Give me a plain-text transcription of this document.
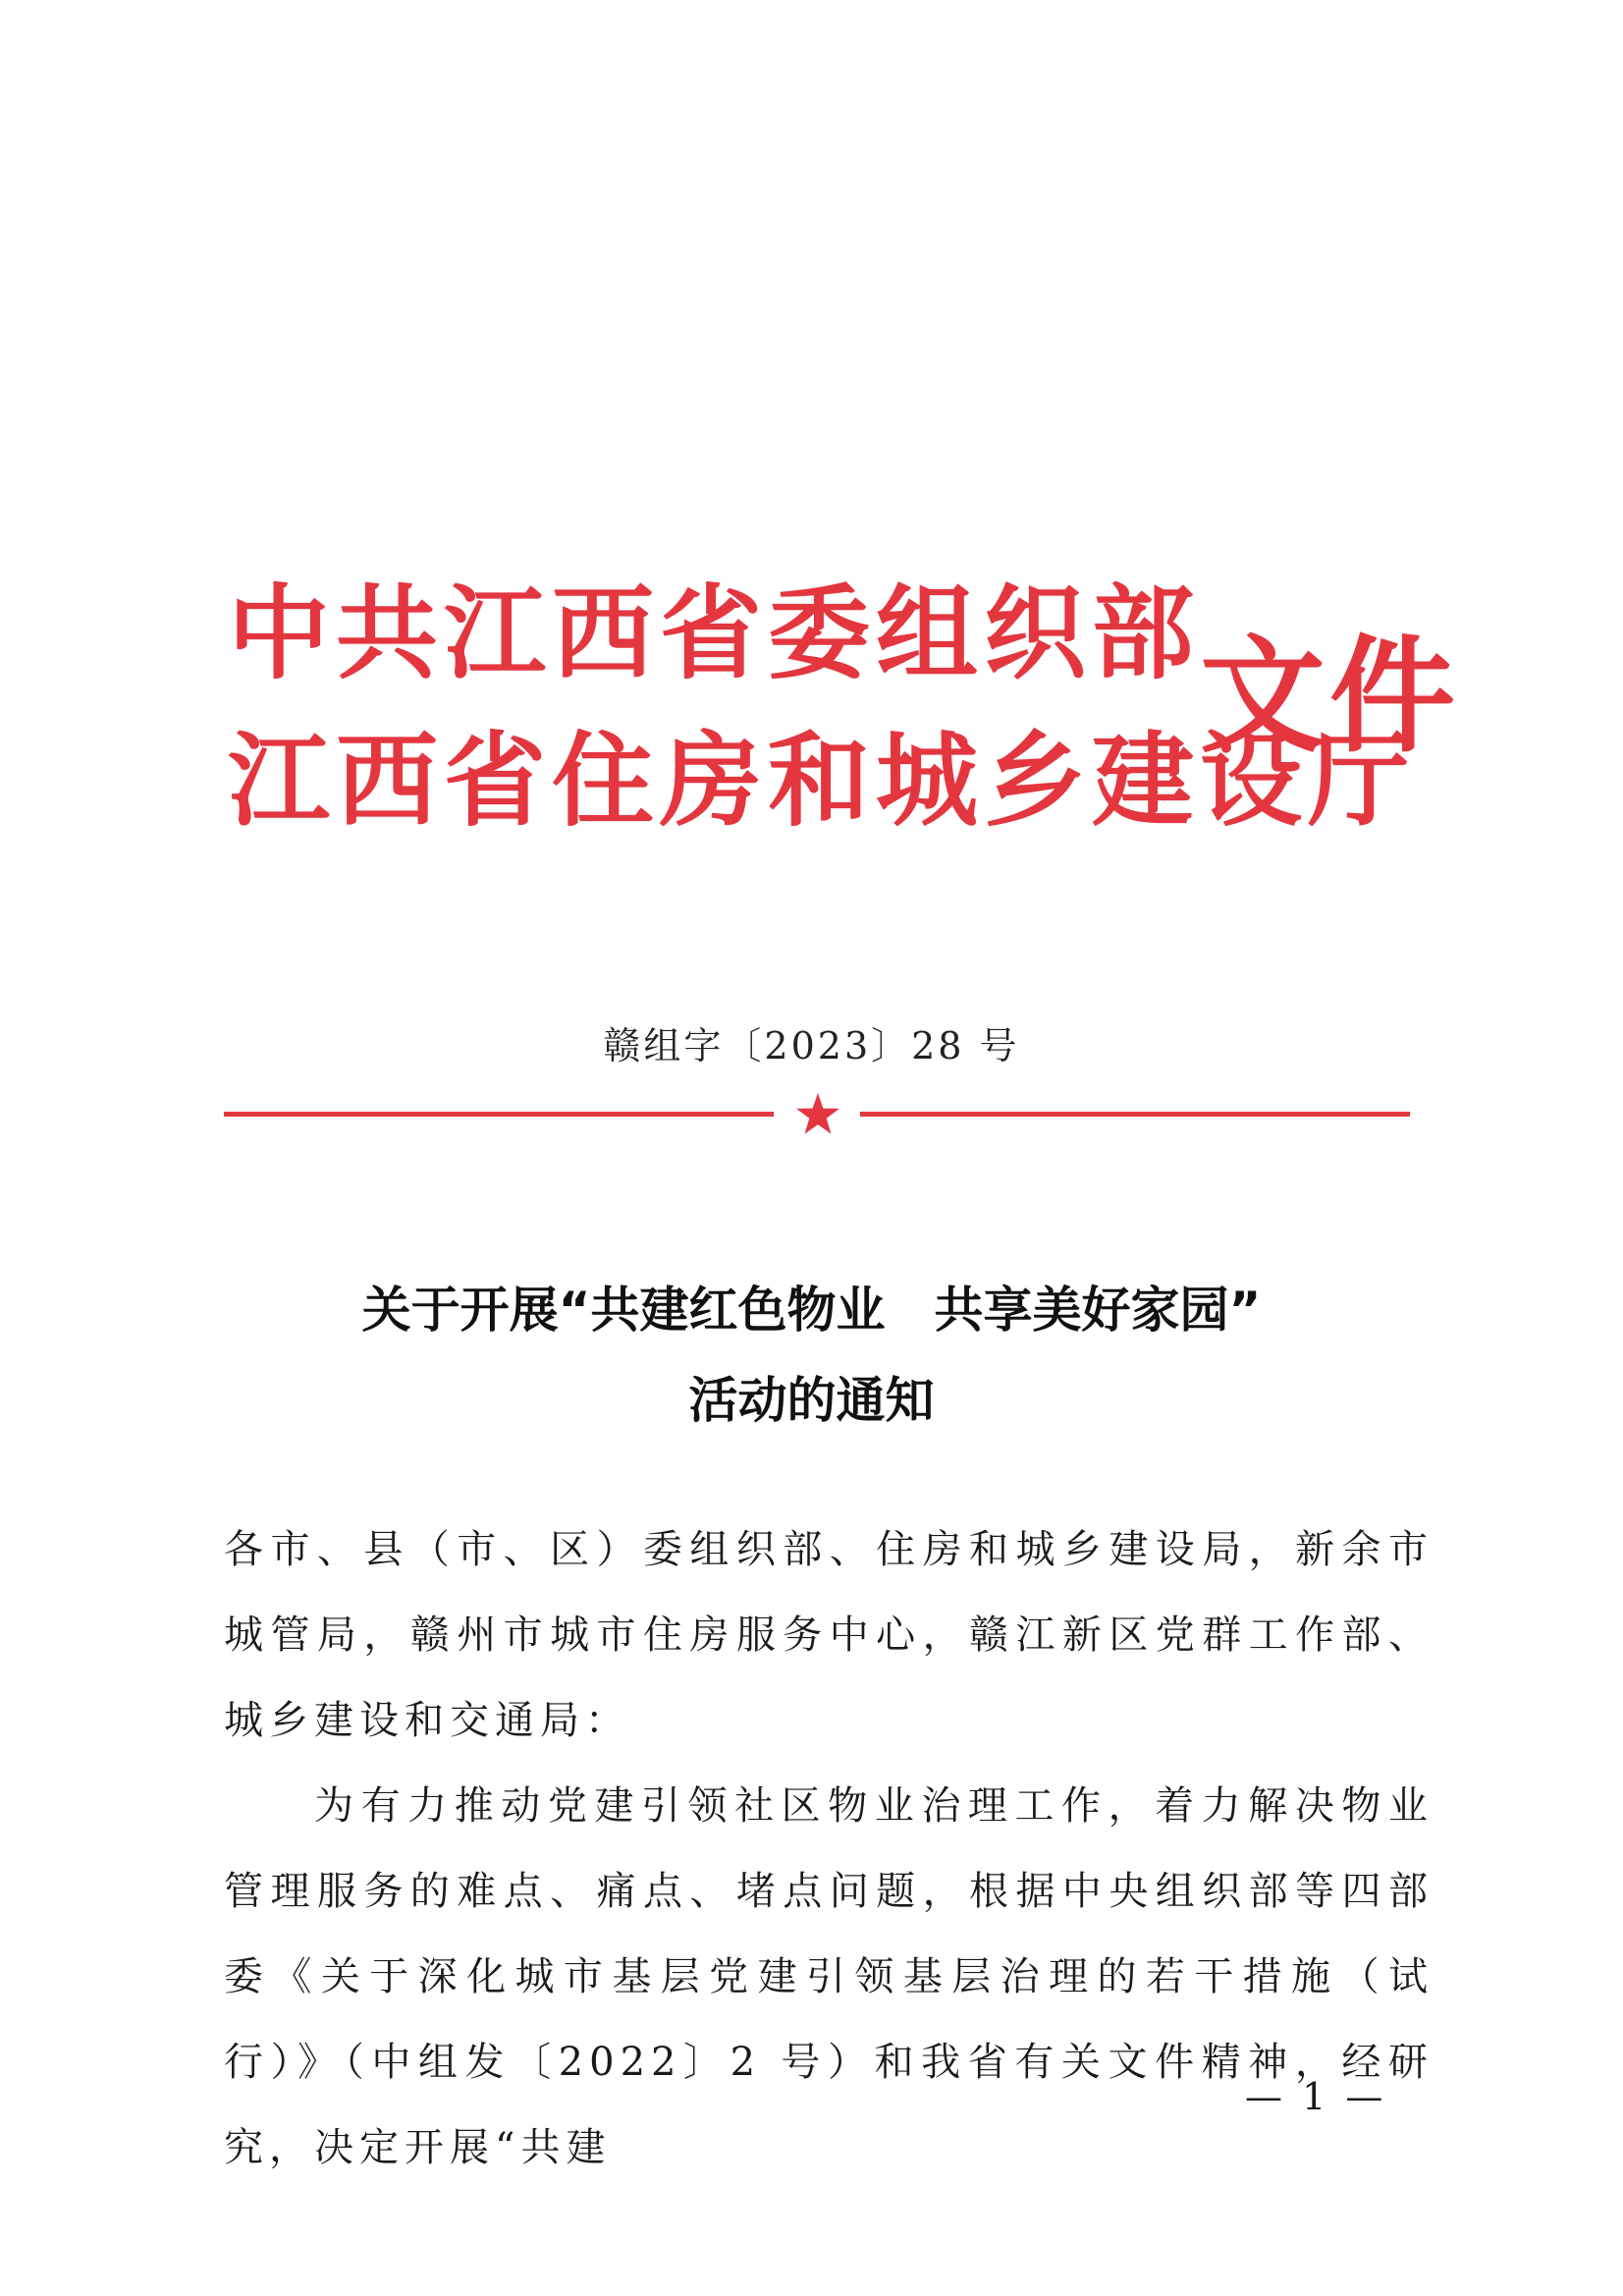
中共江西省委组织部
江西省住房和城乡建设厅
文件
赣组字〔2023〕28 号
关于开展“共建红色物业　共享美好家园”
活动的通知

各市、县（市、区）委组织部、住房和城乡建设局，新余市城管局，赣州市城市住房服务中心，赣江新区党群工作部、城乡建设和交通局：

为有力推动党建引领社区物业治理工作，着力解决物业管理服务的难点、痛点、堵点问题，根据中央组织部等四部委《关于深化城市基层党建引领基层治理的若干措施（试行）》（中组发〔2022〕2 号）和我省有关文件精神，经研究，决定开展“共建

— 1 —
